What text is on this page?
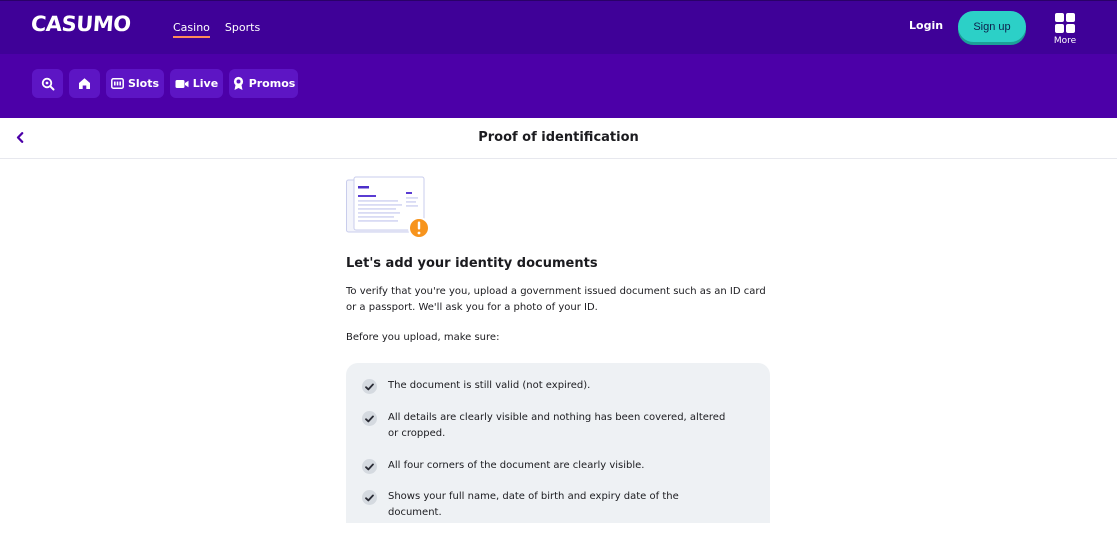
CASUMO	Casino Sports	Login	Sign up
More
Slots	Live	Promos
Proof of identification
Let's add your identity documents
To verify that you're you, upload a government issued document such as an ID card or a passport. We'll ask you for a photo of your ID.
Before you upload, make sure:
The document is still valid (not expired).
All details are clearly visible and nothing has been covered, altered or cropped.
All four corners of the document are clearly visible.
Shows your full name, date of birth and expiry date of the document.
